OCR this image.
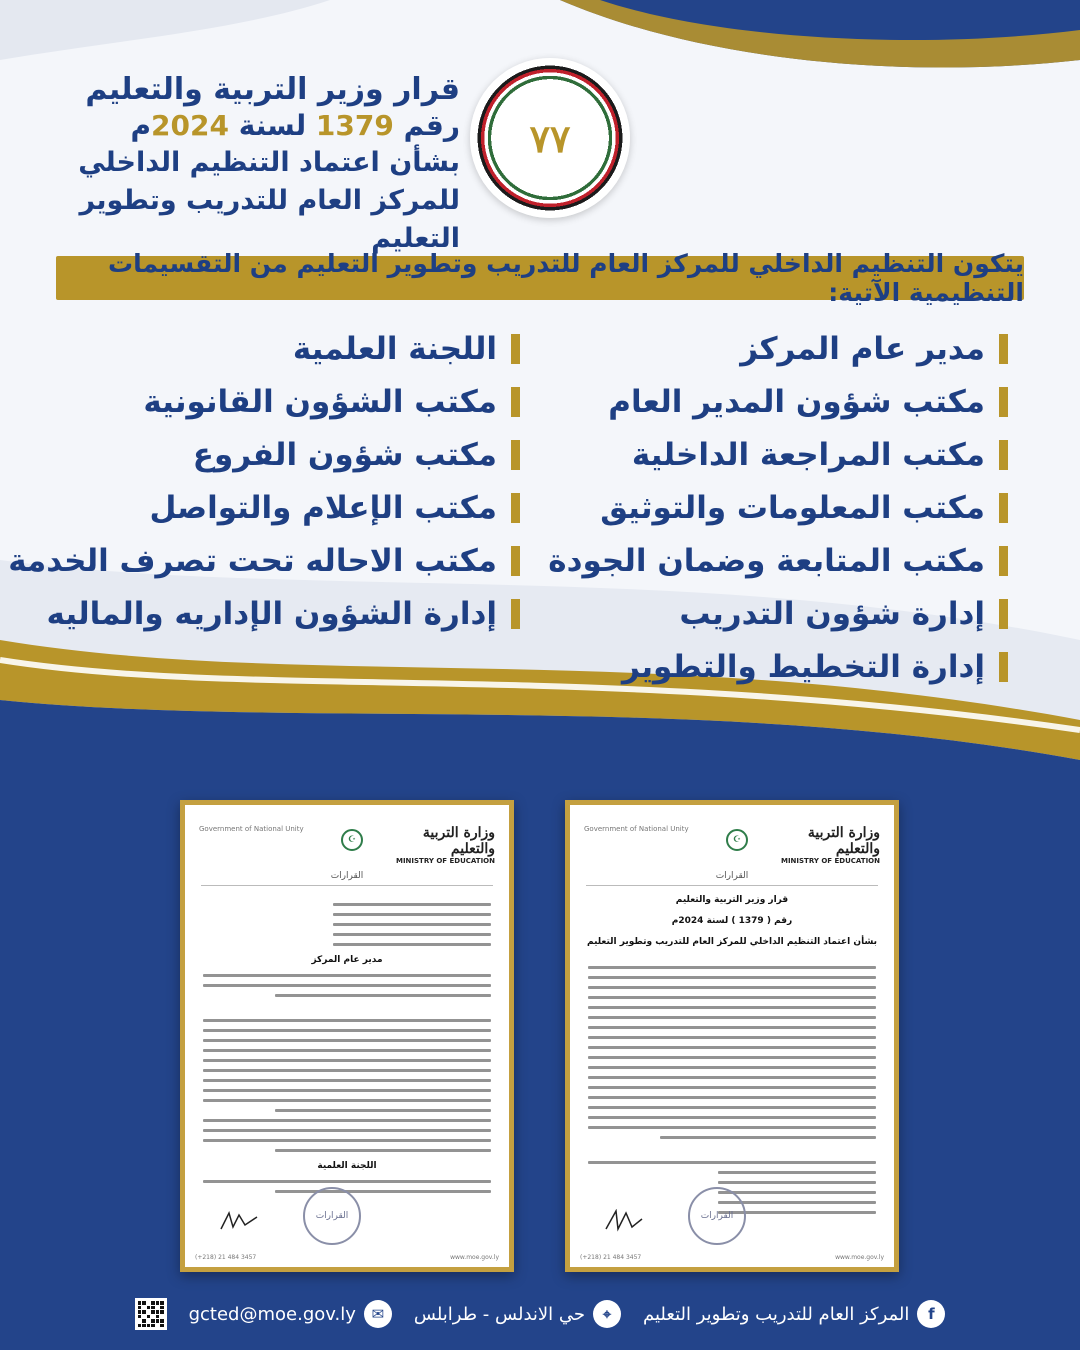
٧٧
قرار وزير التربية والتعليم
رقم 1379 لسنة 2024م
بشأن اعتماد التنظيم الداخلي
للمركز العام للتدريب وتطوير التعليم
يتكون التنظيم الداخلي للمركز العام للتدريب وتطوير التعليم من التقسيمات التنظيمية الآتية:
مدير عام المركز
مكتب شؤون المدير العام
مكتب المراجعة الداخلية
مكتب المعلومات والتوثيق
مكتب المتابعة وضمان الجودة
إدارة شؤون التدريب
إدارة التخطيط والتطوير
اللجنة العلمية
مكتب الشؤون القانونية
مكتب شؤون الفروع
مكتب الإعلام والتواصل
مكتب الاحاله تحت تصرف الخدمة
إدارة الشؤون الإداريه والماليه
Government of National Unity
☪	وزارة التربية والتعليم
MINISTRY OF EDUCATION
القرارات
مدير عام المركز
اللجنة العلمية
القرارات
(+218) 21 484 3457	www.moe.gov.ly
Government of National Unity
☪	وزارة التربية والتعليم
MINISTRY OF EDUCATION
القرارات
قرار وزير التربية والتعليم
رقم ( 1379 ) لسنة 2024م
بشأن اعتماد التنظيم الداخلي للمركز العام للتدريب وتطوير التعليم
القرارات
(+218) 21 484 3457	www.moe.gov.ly
f
المركز العام للتدريب وتطوير التعليم
⌖
حي الاندلس - طرابلس
✉
gcted@moe.gov.ly
